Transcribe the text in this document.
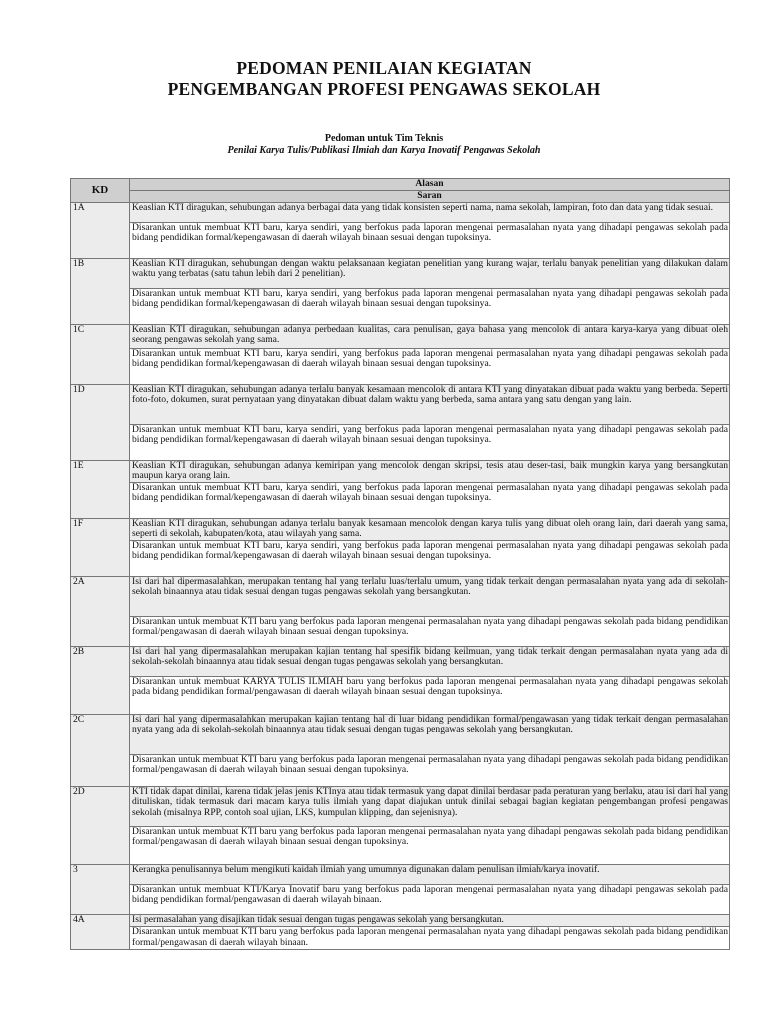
PEDOMAN PENILAIAN KEGIATAN
PENGEMBANGAN PROFESI PENGAWAS SEKOLAH
Pedoman untuk Tim Teknis
Penilai Karya Tulis/Publikasi Ilmiah dan Karya Inovatif Pengawas Sekolah
KD	Alasan
	Saran
1A	Keaslian KTI diragukan, sehubungan adanya berbagai data yang tidak konsisten seperti nama, nama sekolah, lampiran, foto dan data yang tidak sesuai.
	Disarankan untuk membuat KTI baru, karya sendiri, yang berfokus pada laporan mengenai permasalahan nyata yang dihadapi pengawas sekolah pada bidang pendidikan formal/kepengawasan di daerah wilayah binaan sesuai dengan tupoksinya.
1B	Keaslian KTI diragukan, sehubungan dengan waktu pelaksanaan kegiatan penelitian yang kurang wajar, terlalu banyak penelitian yang dilakukan dalam waktu yang terbatas (satu tahun lebih dari 2 penelitian).
	Disarankan untuk membuat KTI baru, karya sendiri, yang berfokus pada laporan mengenai permasalahan nyata yang dihadapi pengawas sekolah pada bidang pendidikan formal/kepengawasan di daerah wilayah binaan sesuai dengan tupoksinya.
1C	Keaslian KTI diragukan, sehubungan adanya perbedaan kualitas, cara penulisan, gaya bahasa yang mencolok di antara karya-karya yang dibuat oleh seorang pengawas sekolah yang sama.
	Disarankan untuk membuat KTI baru, karya sendiri, yang berfokus pada laporan mengenai permasalahan nyata yang dihadapi pengawas sekolah pada bidang pendidikan formal/kepengawasan di daerah wilayah binaan sesuai dengan tupoksinya.
1D	Keaslian KTI diragukan, sehubungan adanya terlalu banyak kesamaan mencolok di antara KTI yang dinyatakan dibuat pada waktu yang berbeda. Seperti foto-foto, dokumen, surat pernyataan yang dinyatakan dibuat dalam waktu yang berbeda, sama antara yang satu dengan yang lain.
	Disarankan untuk membuat KTI baru, karya sendiri, yang berfokus pada laporan mengenai permasalahan nyata yang dihadapi pengawas sekolah pada bidang pendidikan formal/kepengawasan di daerah wilayah binaan sesuai dengan tupoksinya.
1E	Keaslian KTI diragukan, sehubungan adanya kemiripan yang mencolok dengan skripsi, tesis atau deser-tasi, baik mungkin karya yang bersangkutan maupun karya orang lain.
	Disarankan untuk membuat KTI baru, karya sendiri, yang berfokus pada laporan mengenai permasalahan nyata yang dihadapi pengawas sekolah pada bidang pendidikan formal/kepengawasan di daerah wilayah binaan sesuai dengan tupoksinya.
1F	Keaslian KTI diragukan, sehubungan adanya terlalu banyak kesamaan mencolok dengan karya tulis yang dibuat oleh orang lain, dari daerah yang sama, seperti di sekolah, kabupaten/kota, atau wilayah yang sama.
	Disarankan untuk membuat KTI baru, karya sendiri, yang berfokus pada laporan mengenai permasalahan nyata yang dihadapi pengawas sekolah pada bidang pendidikan formal/kepengawasan di daerah wilayah binaan sesuai dengan tupoksinya.
2A	Isi dari hal dipermasalahkan, merupakan tentang hal yang terlalu luas/terlalu umum, yang tidak terkait dengan permasalahan nyata yang ada di sekolah-sekolah binaannya atau tidak sesuai dengan tugas pengawas sekolah yang bersangkutan.
	Disarankan untuk membuat KTI baru yang berfokus pada laporan mengenai permasalahan nyata yang dihadapi pengawas sekolah pada bidang pendidikan formal/pengawasan di daerah wilayah binaan sesuai dengan tupoksinya.
2B	Isi dari hal yang dipermasalahkan merupakan kajian tentang hal spesifik bidang keilmuan, yang tidak terkait dengan permasalahan nyata yang ada di sekolah-sekolah binaannya atau tidak sesuai dengan tugas pengawas sekolah yang bersangkutan.
	Disarankan untuk membuat KARYA TULIS ILMIAH baru yang berfokus pada laporan mengenai permasalahan nyata yang dihadapi pengawas sekolah pada bidang pendidikan formal/pengawasan di daerah wilayah binaan sesuai dengan tupoksinya.
2C	Isi dari hal yang dipermasalahkan merupakan kajian tentang hal di luar bidang pendidikan formal/pengawasan yang tidak terkait dengan permasalahan nyata yang ada di sekolah-sekolah binaannya atau tidak sesuai dengan tugas pengawas sekolah yang bersangkutan.
	Disarankan untuk membuat KTI baru yang berfokus pada laporan mengenai permasalahan nyata yang dihadapi pengawas sekolah pada bidang pendidikan formal/pengawasan di daerah wilayah binaan sesuai dengan tupoksinya.
2D	KTI tidak dapat dinilai, karena tidak jelas jenis KTInya atau tidak termasuk yang dapat dinilai berdasar pada peraturan yang berlaku, atau isi dari hal yang dituliskan, tidak termasuk dari macam karya tulis ilmiah yang dapat diajukan untuk dinilai sebagai bagian kegiatan pengembangan profesi pengawas sekolah (misalnya RPP, contoh soal ujian, LKS, kumpulan klipping, dan sejenisnya).
	Disarankan untuk membuat KTI baru yang berfokus pada laporan mengenai permasalahan nyata yang dihadapi pengawas sekolah pada bidang pendidikan formal/pengawasan di daerah wilayah binaan sesuai dengan tupoksinya.
3	Kerangka penulisannya belum mengikuti kaidah ilmiah yang umumnya digunakan dalam penulisan ilmiah/karya inovatif.
	Disarankan untuk membuat KTI/Karya Inovatif baru yang berfokus pada laporan mengenai permasalahan nyata yang dihadapi pengawas sekolah pada bidang pendidikan formal/pengawasan di daerah wilayah binaan.
4A	Isi permasalahan yang disajikan tidak sesuai dengan tugas pengawas sekolah yang bersangkutan.
	Disarankan untuk membuat KTI baru yang berfokus pada laporan mengenai permasalahan nyata yang dihadapi pengawas sekolah pada bidang pendidikan formal/pengawasan di daerah wilayah binaan.
